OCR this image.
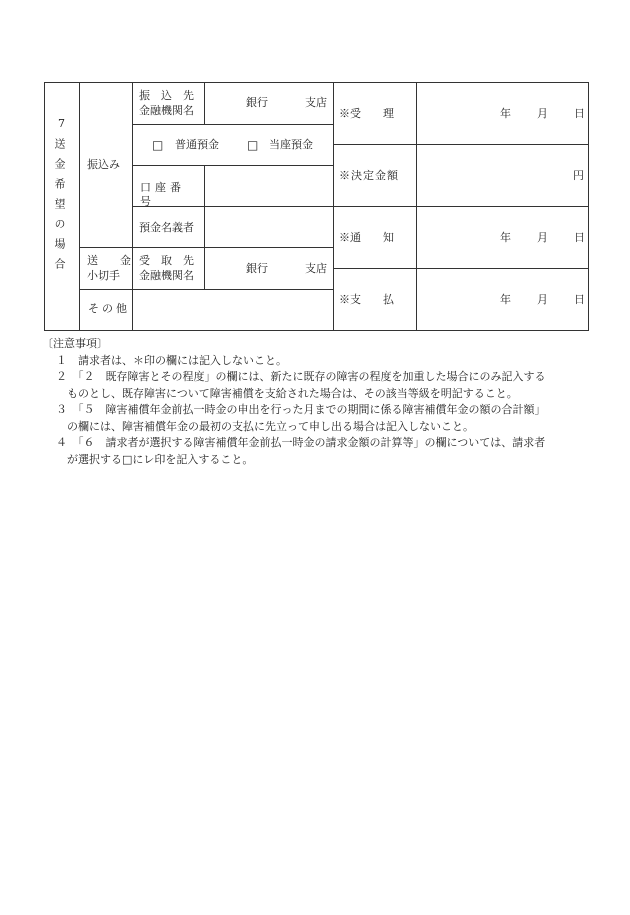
7
送金希望の場合 振込み
振　込　先
金融機関名
銀行	支店
□ 普通預金 □ 当座預金
口座番号
預金名義者
送　　金
小切手
受　取　先
金融機関名
銀行	支店
その他
※受　　理
※決定金額
※通　　知
※支　　払
年 月 日
円
年 月 日
年 月 日
〔注意事項〕
１　請求者は、＊印の欄には記入しないこと。
２　「２　既存障害とその程度」の欄には、新たに既存の障害の程度を加重した場合にのみ記入する
　ものとし、既存障害について障害補償を支給された場合は、その該当等級を明記すること。
３　「５　障害補償年金前払一時金の申出を行った月までの期間に係る障害補償年金の額の合計額」
　の欄には、障害補償年金の最初の支払に先立って申し出る場合は記入しないこと。
４　「６　請求者が選択する障害補償年金前払一時金の請求金額の計算等」の欄については、請求者
　が選択する□にレ印を記入すること。
